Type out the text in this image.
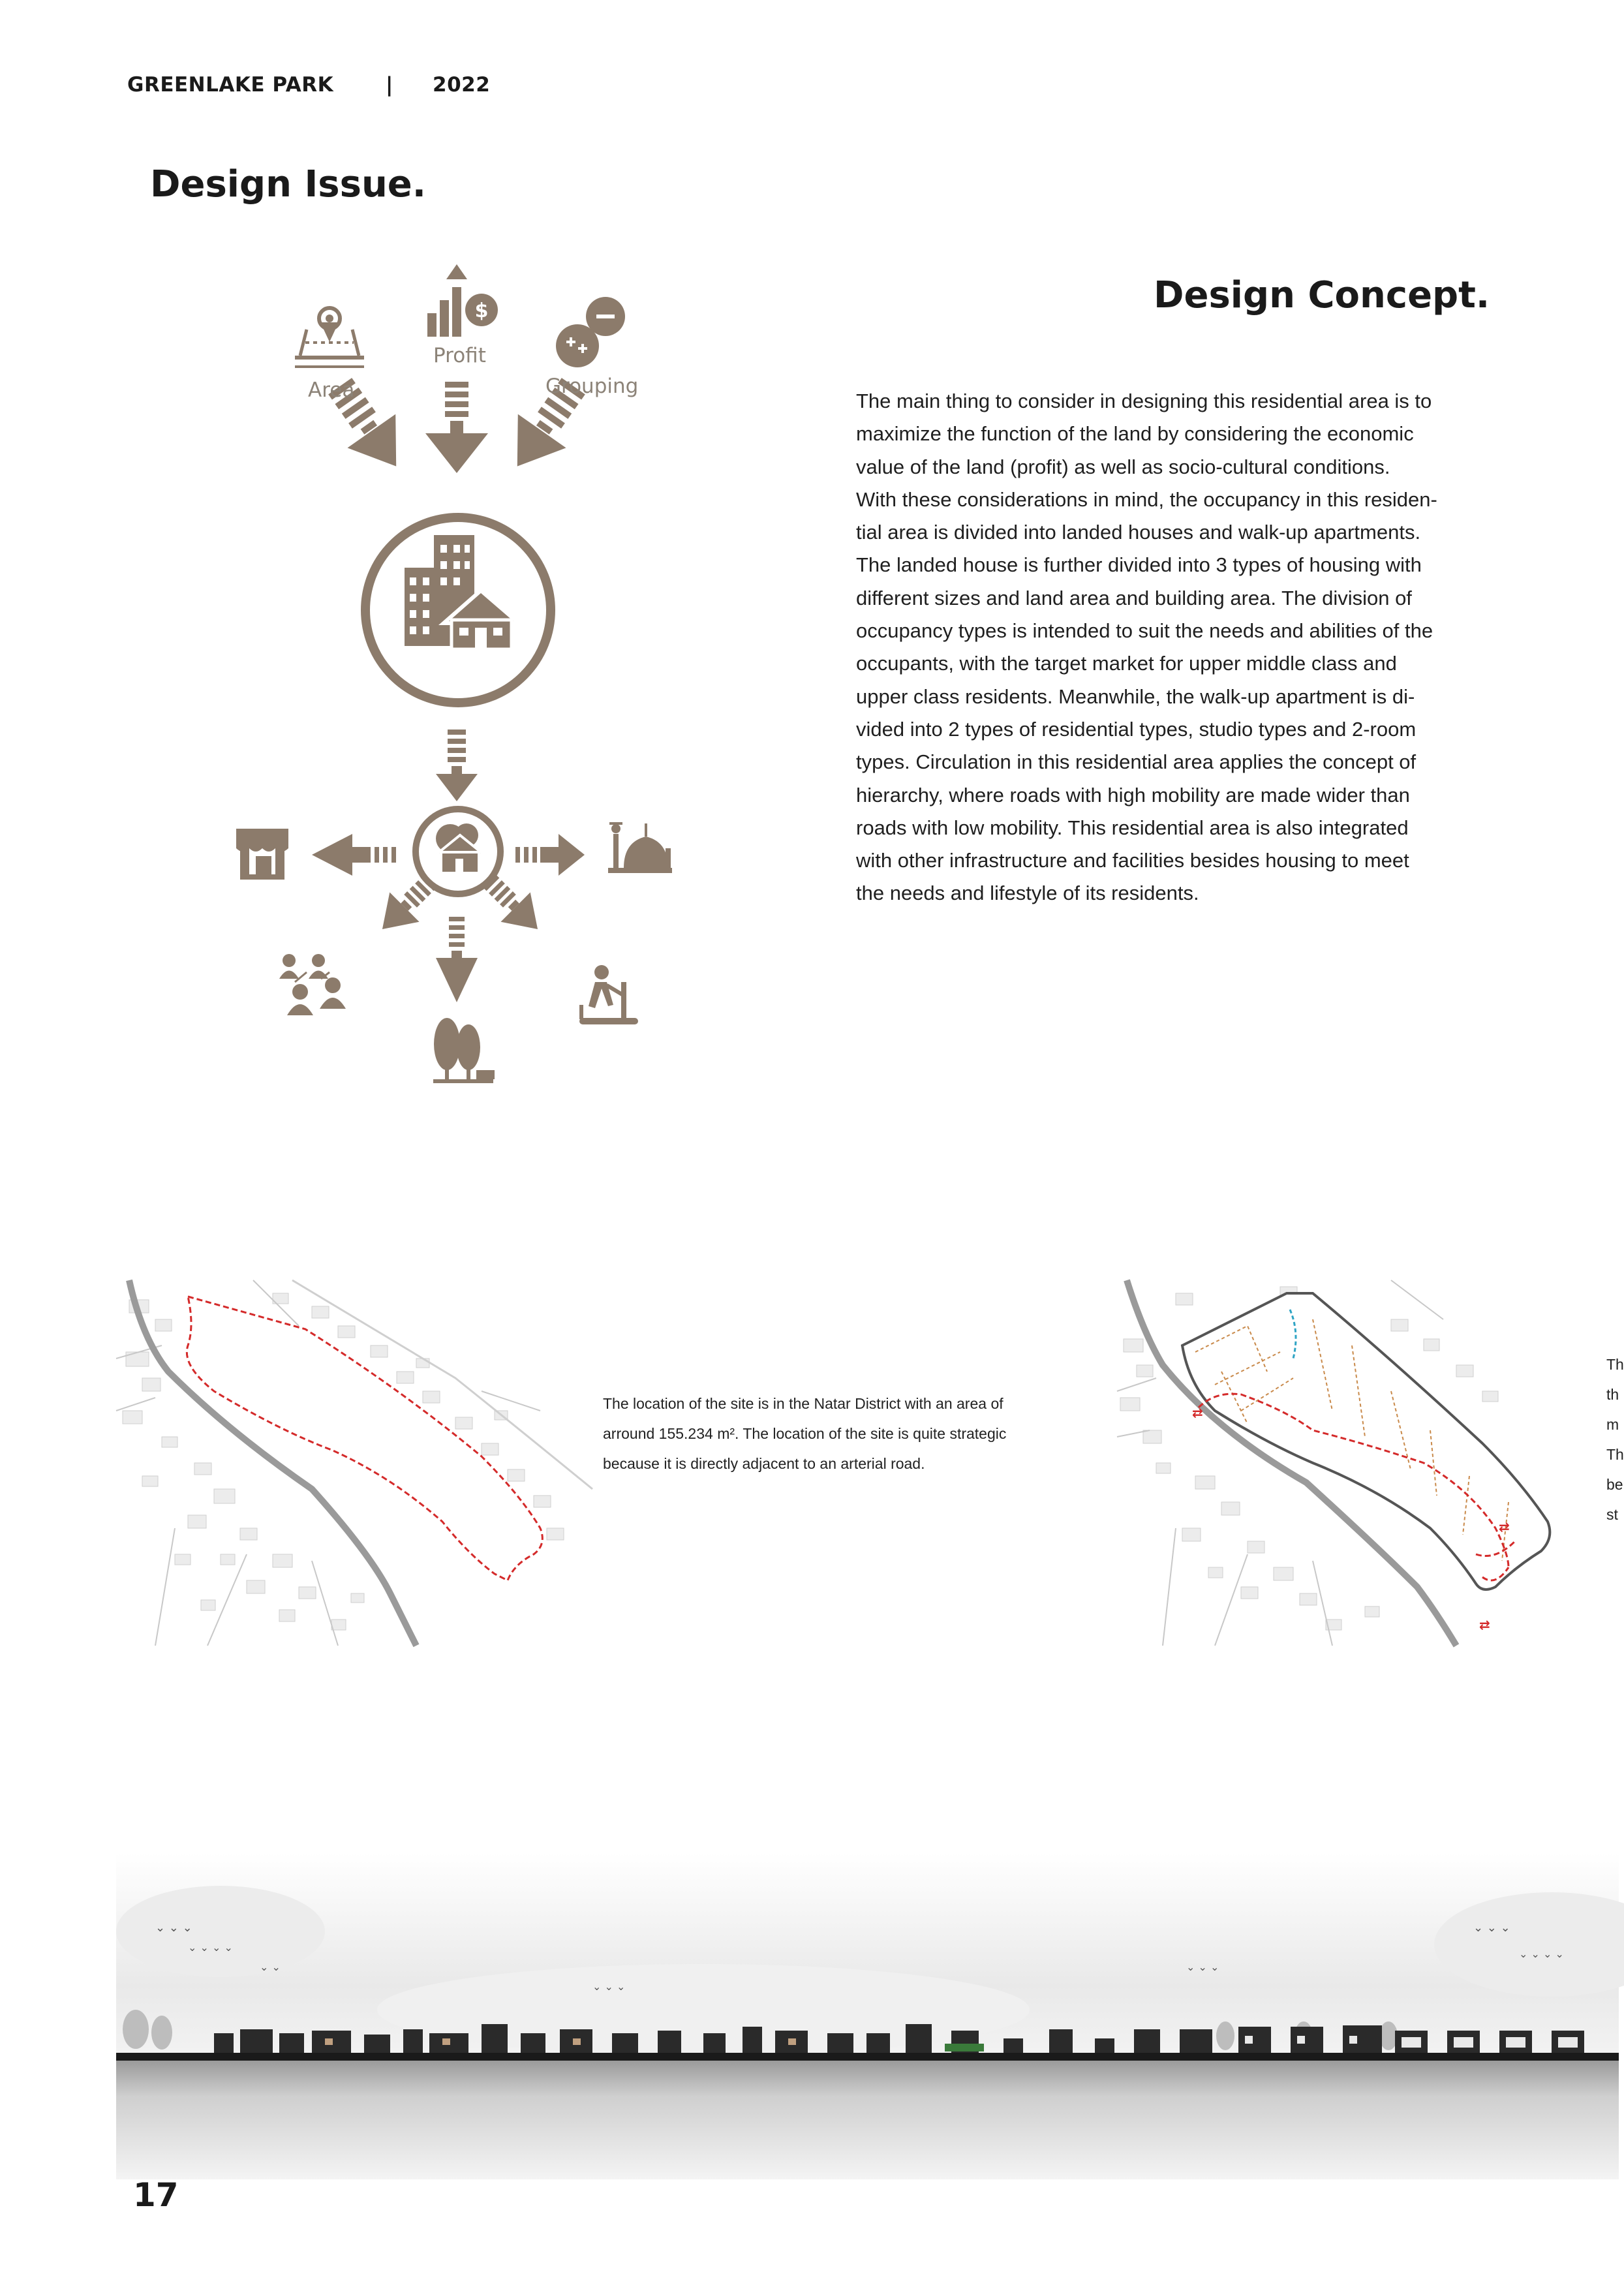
GREENLAKE PARK	| 2022
Design Issue.
Design Concept.
The main thing to consider in designing this residential area is to
maximize the function of the land by considering the economic
value of the land (profit) as well as socio-cultural conditions.
With these considerations in mind, the occupancy in this residen-
tial area is divided into landed houses and walk-up apartments.
The landed house is further divided into 3 types of housing with
different sizes and land area and building area. The division of
occupancy types is intended to suit the needs and abilities of the
occupants, with the target market for upper middle class and
upper class residents. Meanwhile, the walk-up apartment is di-
vided into 2 types of residential types, studio types and 2-room
types. Circulation in this residential area applies the concept of
hierarchy, where roads with high mobility are made wider than
roads with low mobility. This residential area is also integrated
with other infrastructure and facilities besides housing to meet
the needs and lifestyle of its residents.
$
Area
Profit
Grouping
The location of the site is in the Natar District with an area of
arround 155.234 m². The location of the site is quite strategic
because it is directly adjacent to an arterial road.
⇄
⇄
⇄
Th
th
m
Th
be
st
⌄ ⌄ ⌄
⌄ ⌄ ⌄ ⌄
⌄ ⌄
⌄ ⌄ ⌄
⌄ ⌄ ⌄
⌄ ⌄ ⌄
⌄ ⌄ ⌄ ⌄
17
